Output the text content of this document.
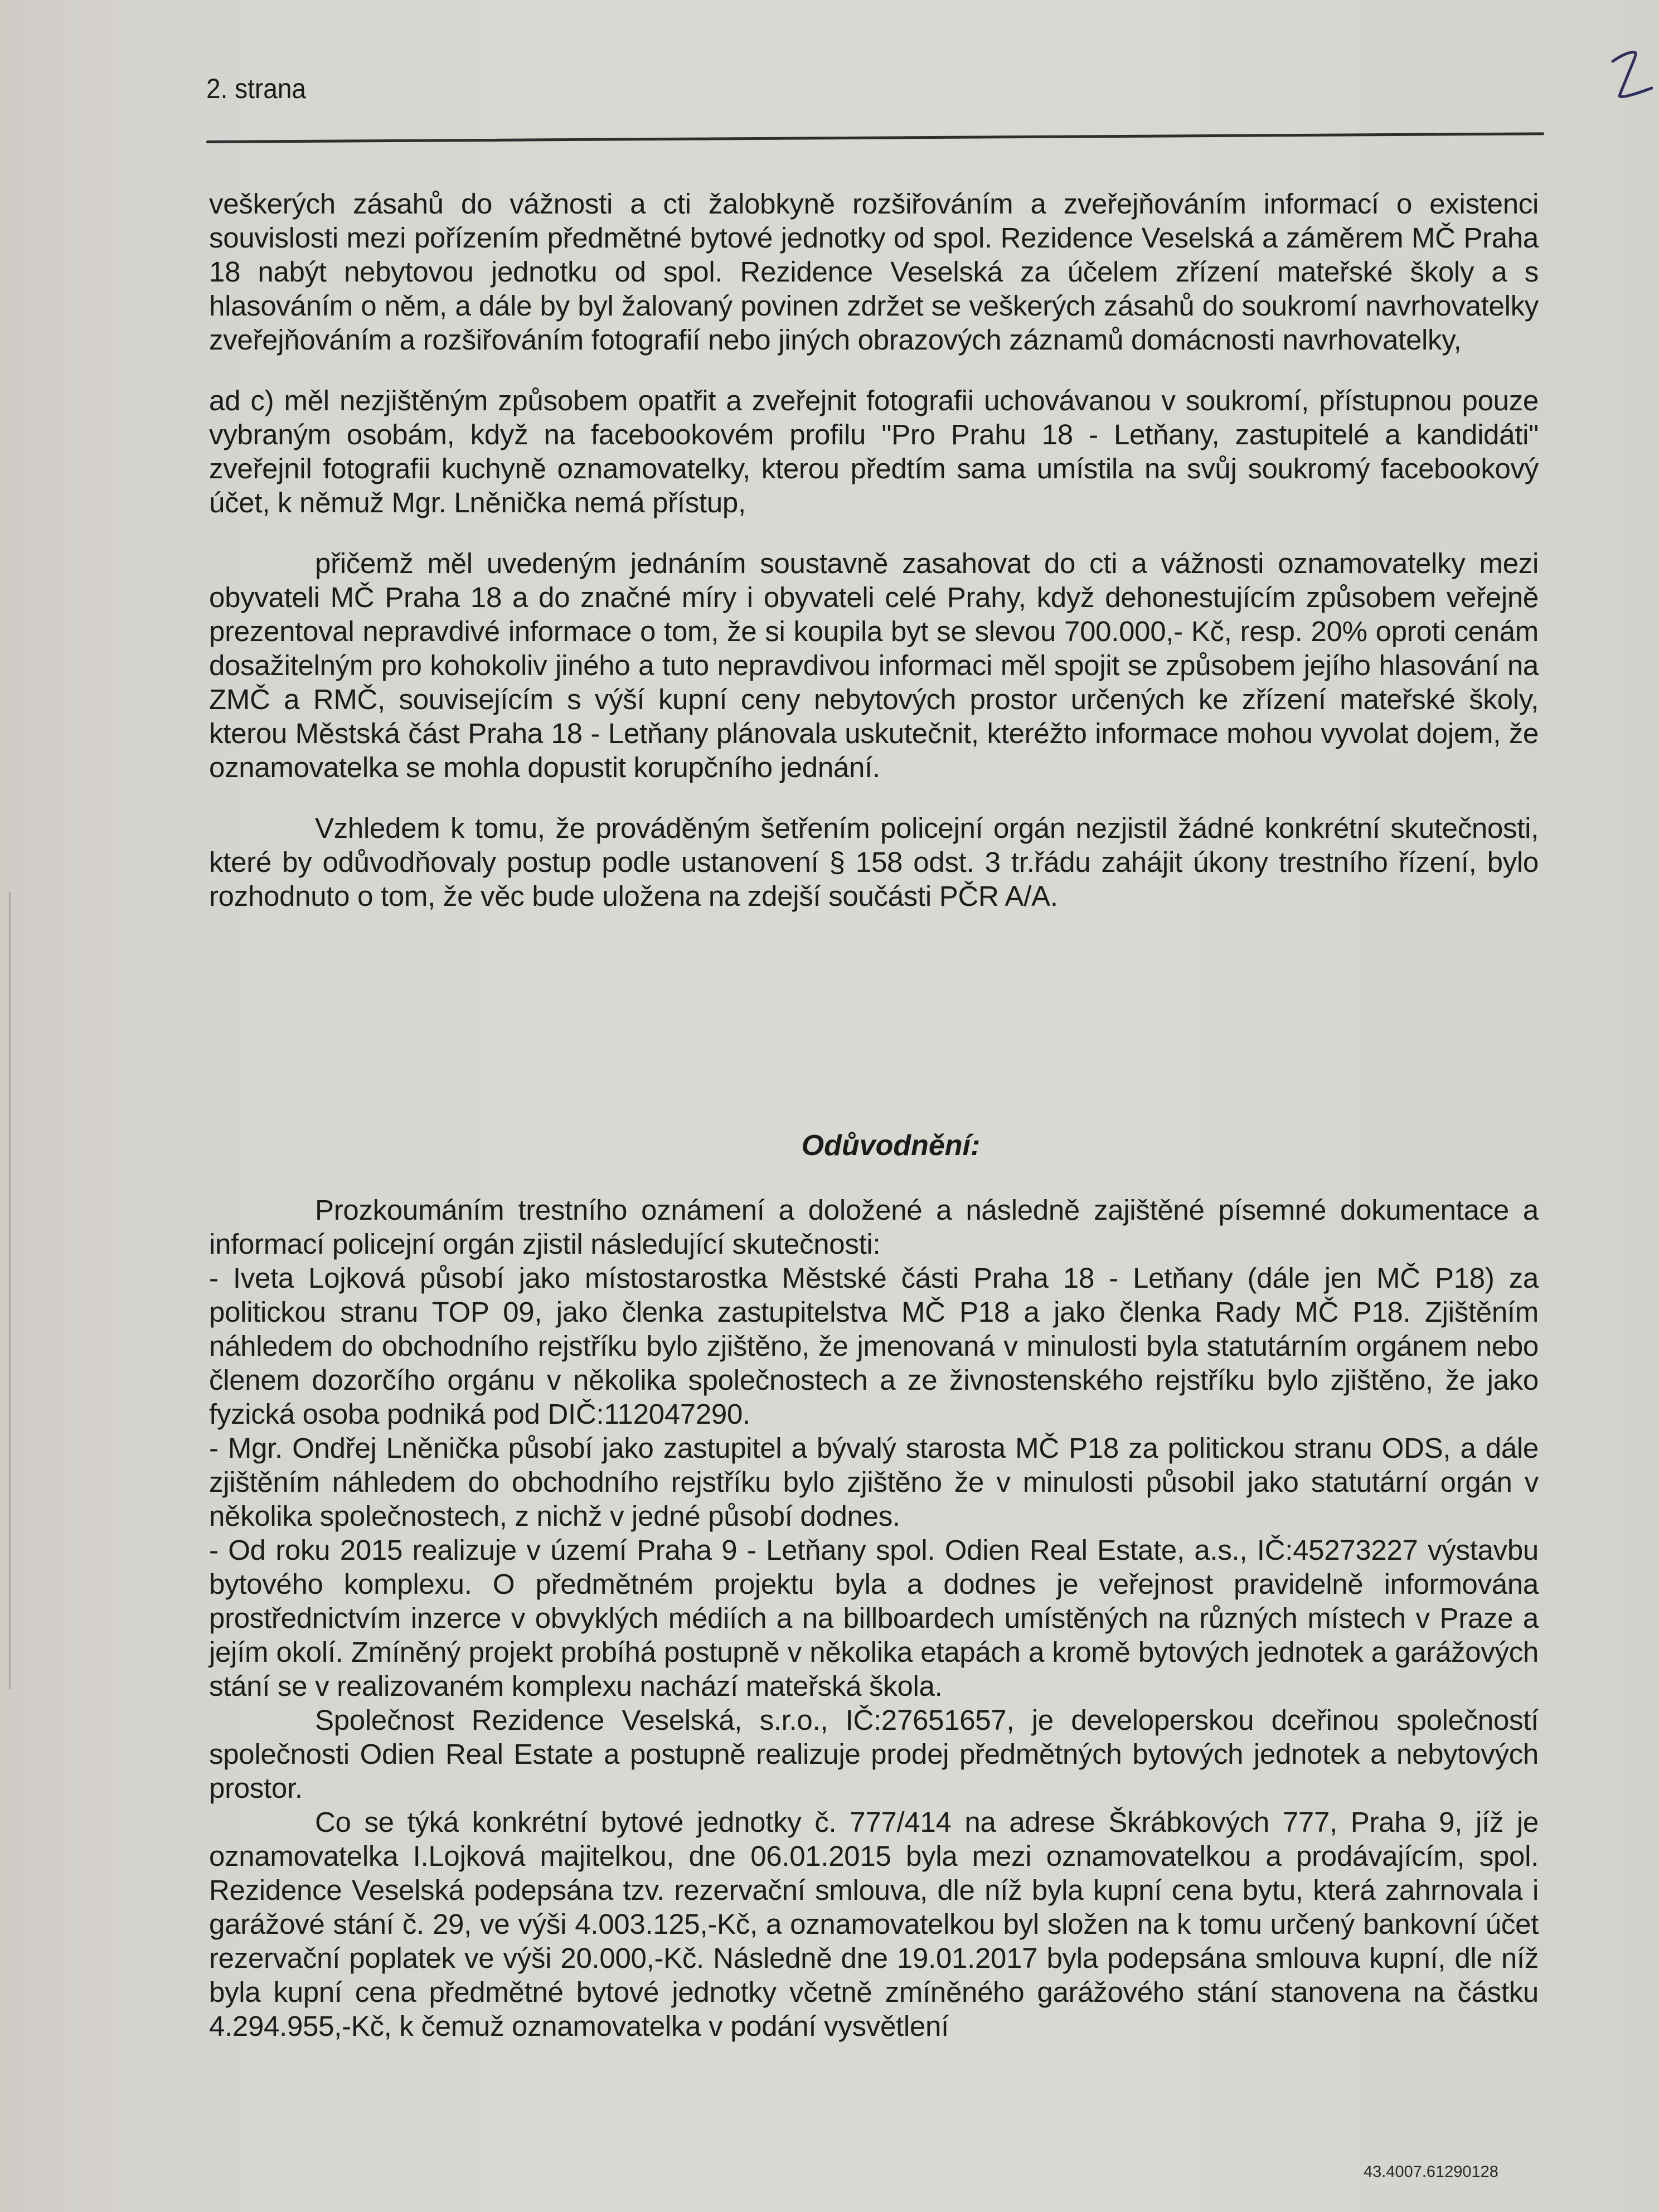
2. strana

veškerých zásahů do vážnosti a cti žalobkyně rozšiřováním a zveřejňováním informací o existenci souvislosti mezi pořízením předmětné bytové jednotky od spol. Rezidence Veselská a záměrem MČ Praha 18 nabýt nebytovou jednotku od spol. Rezidence Veselská za účelem zřízení mateřské školy a s hlasováním o něm, a dále by byl žalovaný povinen zdržet se veškerých zásahů do soukromí navrhovatelky zveřejňováním a rozšiřováním fotografií nebo jiných obrazových záznamů domácnosti navrhovatelky,

ad c) měl nezjištěným způsobem opatřit a zveřejnit fotografii uchovávanou v soukromí, přístupnou pouze vybraným osobám, když na facebookovém profilu "Pro Prahu 18 - Letňany, zastupitelé a kandidáti" zveřejnil fotografii kuchyně oznamovatelky, kterou předtím sama umístila na svůj soukromý facebookový účet, k němuž Mgr. Lněnička nemá přístup,

přičemž měl uvedeným jednáním soustavně zasahovat do cti a vážnosti oznamovatelky mezi obyvateli MČ Praha 18 a do značné míry i obyvateli celé Prahy, když dehonestujícím způsobem veřejně prezentoval nepravdivé informace o tom, že si koupila byt se slevou 700.000,- Kč, resp. 20% oproti cenám dosažitelným pro kohokoliv jiného a tuto nepravdivou informaci měl spojit se způsobem jejího hlasování na ZMČ a RMČ, souvisejícím s výší kupní ceny nebytových prostor určených ke zřízení mateřské školy, kterou Městská část Praha 18 - Letňany plánovala uskutečnit, kteréžto informace mohou vyvolat dojem, že oznamovatelka se mohla dopustit korupčního jednání.

Vzhledem k tomu, že prováděným šetřením policejní orgán nezjistil žádné konkrétní skutečnosti, které by odůvodňovaly postup podle ustanovení § 158 odst. 3 tr.řádu zahájit úkony trestního řízení, bylo rozhodnuto o tom, že věc bude uložena na zdejší součásti PČR A/A.

Odůvodnění:

Prozkoumáním trestního oznámení a doložené a následně zajištěné písemné dokumentace a informací policejní orgán zjistil následující skutečnosti:

- Iveta Lojková působí jako místostarostka Městské části Praha 18 - Letňany (dále jen MČ P18) za politickou stranu TOP 09, jako členka zastupitelstva MČ P18 a jako členka Rady MČ P18. Zjištěním náhledem do obchodního rejstříku bylo zjištěno, že jmenovaná v minulosti byla statutárním orgánem nebo členem dozorčího orgánu v několika společnostech a ze živnostenského rejstříku bylo zjištěno, že jako fyzická osoba podniká pod DIČ:112047290.

- Mgr. Ondřej Lněnička působí jako zastupitel a bývalý starosta MČ P18 za politickou stranu ODS, a dále zjištěním náhledem do obchodního rejstříku bylo zjištěno že v minulosti působil jako statutární orgán v několika společnostech, z nichž v jedné působí dodnes.

- Od roku 2015 realizuje v území Praha 9 - Letňany spol. Odien Real Estate, a.s., IČ:45273227 výstavbu bytového komplexu. O předmětném projektu byla a dodnes je veřejnost pravidelně informována prostřednictvím inzerce v obvyklých médiích a na billboardech umístěných na různých místech v Praze a jejím okolí. Zmíněný projekt probíhá postupně v několika etapách a kromě bytových jednotek a garážových stání se v realizovaném komplexu nachází mateřská škola.

Společnost Rezidence Veselská, s.r.o., IČ:27651657, je developerskou dceřinou společností společnosti Odien Real Estate a postupně realizuje prodej předmětných bytových jednotek a nebytových prostor.

Co se týká konkrétní bytové jednotky č. 777/414 na adrese Škrábkových 777, Praha 9, jíž je oznamovatelka I.Lojková majitelkou, dne 06.01.2015 byla mezi oznamovatelkou a prodávajícím, spol. Rezidence Veselská podepsána tzv. rezervační smlouva, dle níž byla kupní cena bytu, která zahrnovala i garážové stání č. 29, ve výši 4.003.125,-Kč, a oznamovatelkou byl složen na k tomu určený bankovní účet rezervační poplatek ve výši 20.000,-Kč. Následně dne 19.01.2017 byla podepsána smlouva kupní, dle níž byla kupní cena předmětné bytové jednotky včetně zmíněného garážového stání stanovena na částku 4.294.955,-Kč, k čemuž oznamovatelka v podání vysvětlení

43.4007.61290128
